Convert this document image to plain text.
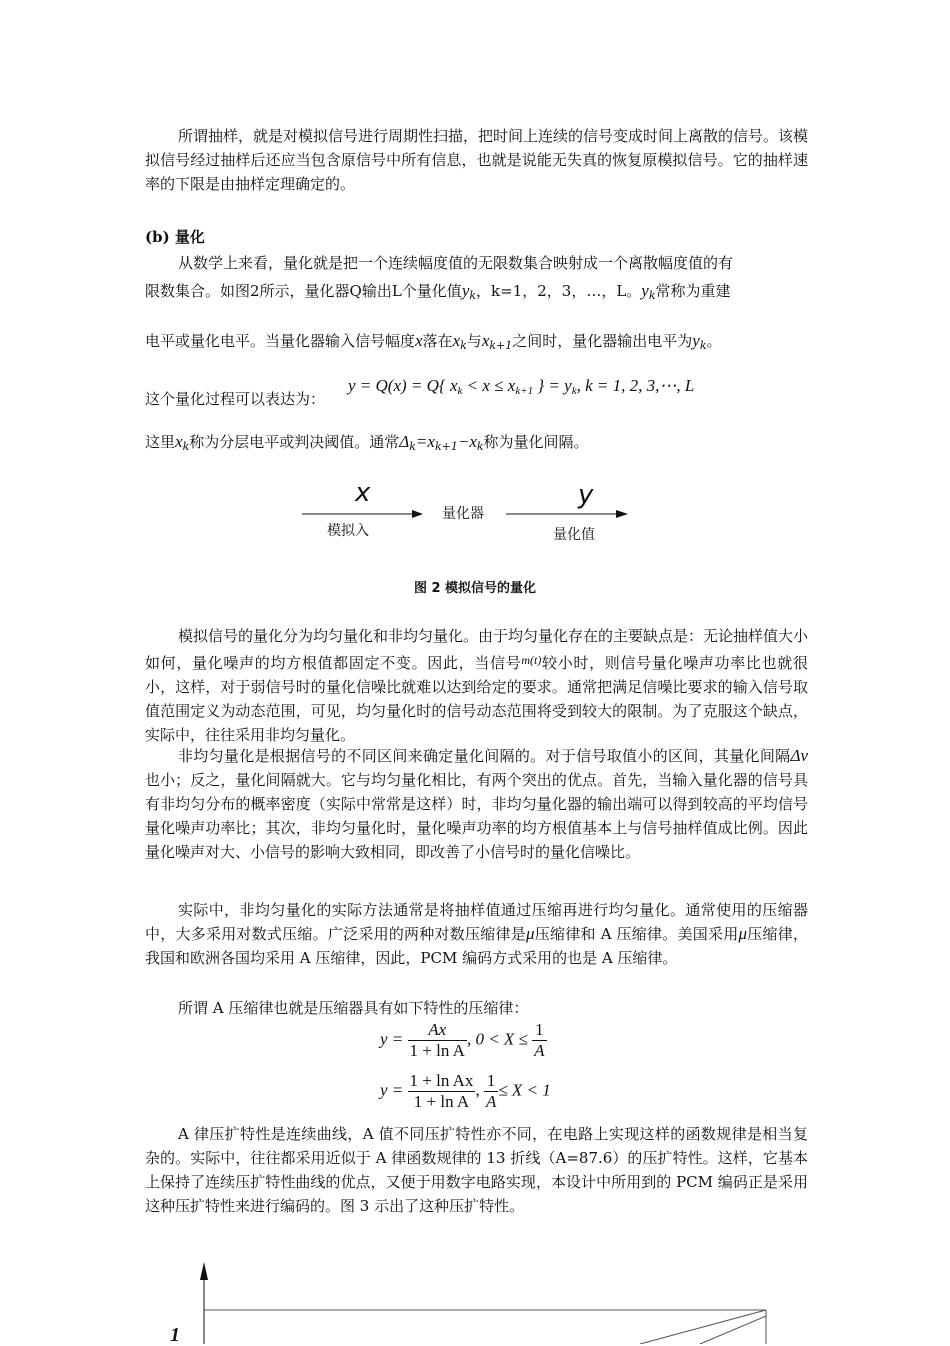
所谓抽样，就是对模拟信号进行周期性扫描，把时间上连续的信号变成时间上离散的信号。该模拟信号经过抽样后还应当包含原信号中所有信息，也就是说能无失真的恢复原模拟信号。它的抽样速率的下限是由抽样定理确定的。

(b) 量化

从数学上来看，量化就是把一个连续幅度值的无限数集合映射成一个离散幅度值的有
限数集合。如图2所示，量化器Q输出L个量化值$y_k$，k=1，2，3，…，L。$y_k$常称为重建
电平或量化电平。当量化器输入信号幅度x落在$x_k$与$x_{k+1}$之间时，量化器输出电平为$y_k$。
这个量化过程可以表达为：
y = Q(x) = Q{ $x_k < x \le x_{k+1}$ } = $y_k$, k = 1, 2, 3,⋯, L
这里$x_k$称为分层电平或判决阈值。通常$\Delta_k=x_{k+1}-x_k$称为量化间隔。
x
模拟入
量化器
y
量化值
图 2 模拟信号的量化

模拟信号的量化分为均匀量化和非均匀量化。由于均匀量化存在的主要缺点是：无论抽样值大小如何，量化噪声的均方根值都固定不变。因此，当信号$^{m(t)}$较小时，则信号量化噪声功率比也就很小，这样，对于弱信号时的量化信噪比就难以达到给定的要求。通常把满足信噪比要求的输入信号取值范围定义为动态范围，可见，均匀量化时的信号动态范围将受到较大的限制。为了克服这个缺点，实际中，往往采用非均匀量化。

非均匀量化是根据信号的不同区间来确定量化间隔的。对于信号取值小的区间，其量化间隔Δv也小；反之，量化间隔就大。它与均匀量化相比，有两个突出的优点。首先，当输入量化器的信号具有非均匀分布的概率密度（实际中常常是这样）时，非均匀量化器的输出端可以得到较高的平均信号量化噪声功率比；其次，非均匀量化时，量化噪声功率的均方根值基本上与信号抽样值成比例。因此量化噪声对大、小信号的影响大致相同，即改善了小信号时的量化信噪比。

实际中，非均匀量化的实际方法通常是将抽样值通过压缩再进行均匀量化。通常使用的压缩器中，大多采用对数式压缩。广泛采用的两种对数压缩律是μ压缩律和 A 压缩律。美国采用μ压缩律，我国和欧洲各国均采用 A 压缩律，因此，PCM 编码方式采用的也是 A 压缩律。

所谓 A 压缩律也就是压缩器具有如下特性的压缩律：

$y = \frac{Ax}{\text{1 + ln A}}$ , $0 < X \le \frac{1}{A}$
$y = \frac{\text{1 + ln Ax}}{\text{1 + ln A}}$ , $\frac{1}{A} \le X < 1$

A 律压扩特性是连续曲线，A 值不同压扩特性亦不同，在电路上实现这样的函数规律是相当复杂的。实际中，往往都采用近似于 A 律函数规律的 13 折线（A=87.6）的压扩特性。这样，它基本上保持了连续压扩特性曲线的优点，又便于用数字电路实现，本设计中所用到的 PCM 编码正是采用这种压扩特性来进行编码的。图 3 示出了这种压扩特性。

1
